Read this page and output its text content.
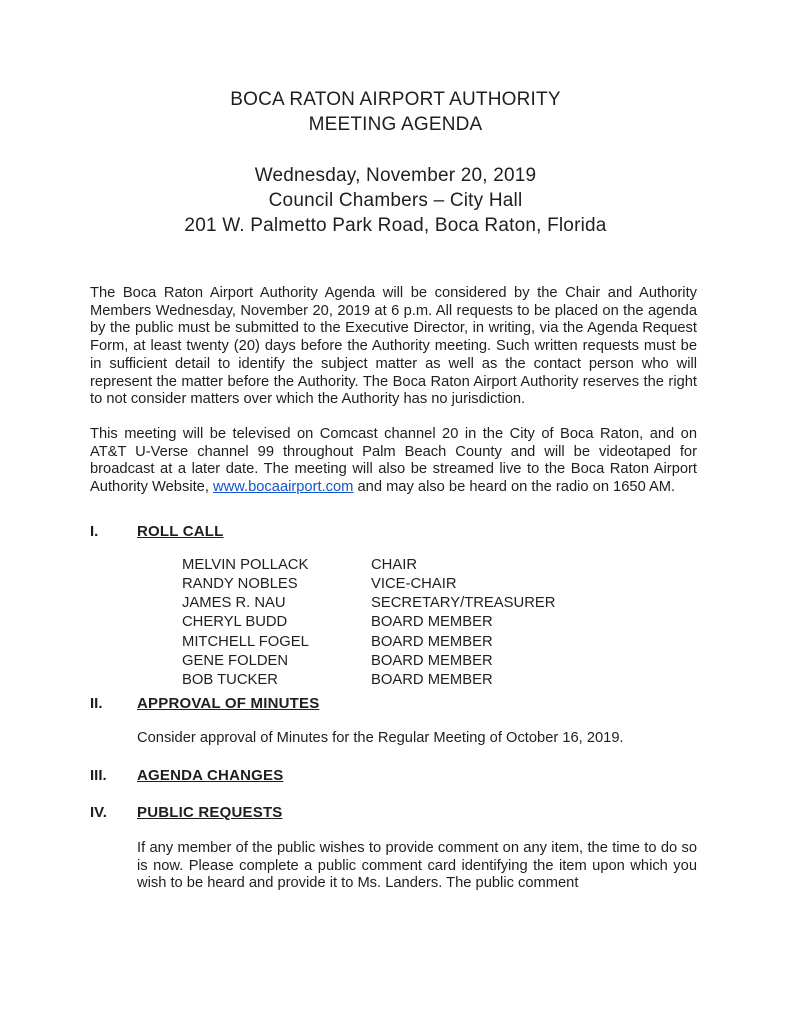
BOCA RATON AIRPORT AUTHORITY
MEETING AGENDA
Wednesday, November 20, 2019
Council Chambers – City Hall
201 W. Palmetto Park Road, Boca Raton, Florida

The Boca Raton Airport Authority Agenda will be considered by the Chair and Authority Members Wednesday, November 20, 2019 at 6 p.m. All requests to be placed on the agenda by the public must be submitted to the Executive Director, in writing, via the Agenda Request Form, at least twenty (20) days before the Authority meeting. Such written requests must be in sufficient detail to identify the subject matter as well as the contact person who will represent the matter before the Authority. The Boca Raton Airport Authority reserves the right to not consider matters over which the Authority has no jurisdiction.

This meeting will be televised on Comcast channel 20 in the City of Boca Raton, and on AT&T U-Verse channel 99 throughout Palm Beach County and will be videotaped for broadcast at a later date. The meeting will also be streamed live to the Boca Raton Airport Authority Website, www.bocaairport.com and may also be heard on the radio on 1650 AM.

I.	ROLL CALL
MELVIN POLLACK	CHAIR
RANDY NOBLES	VICE-CHAIR
JAMES R. NAU	SECRETARY/TREASURER
CHERYL BUDD	BOARD MEMBER
MITCHELL FOGEL	BOARD MEMBER
GENE FOLDEN	BOARD MEMBER
BOB TUCKER	BOARD MEMBER
II.	APPROVAL OF MINUTES

Consider approval of Minutes for the Regular Meeting of October 16, 2019.

III.	AGENDA CHANGES
IV.	PUBLIC REQUESTS

If any member of the public wishes to provide comment on any item, the time to do so is now. Please complete a public comment card identifying the item upon which you wish to be heard and provide it to Ms. Landers. The public comment
